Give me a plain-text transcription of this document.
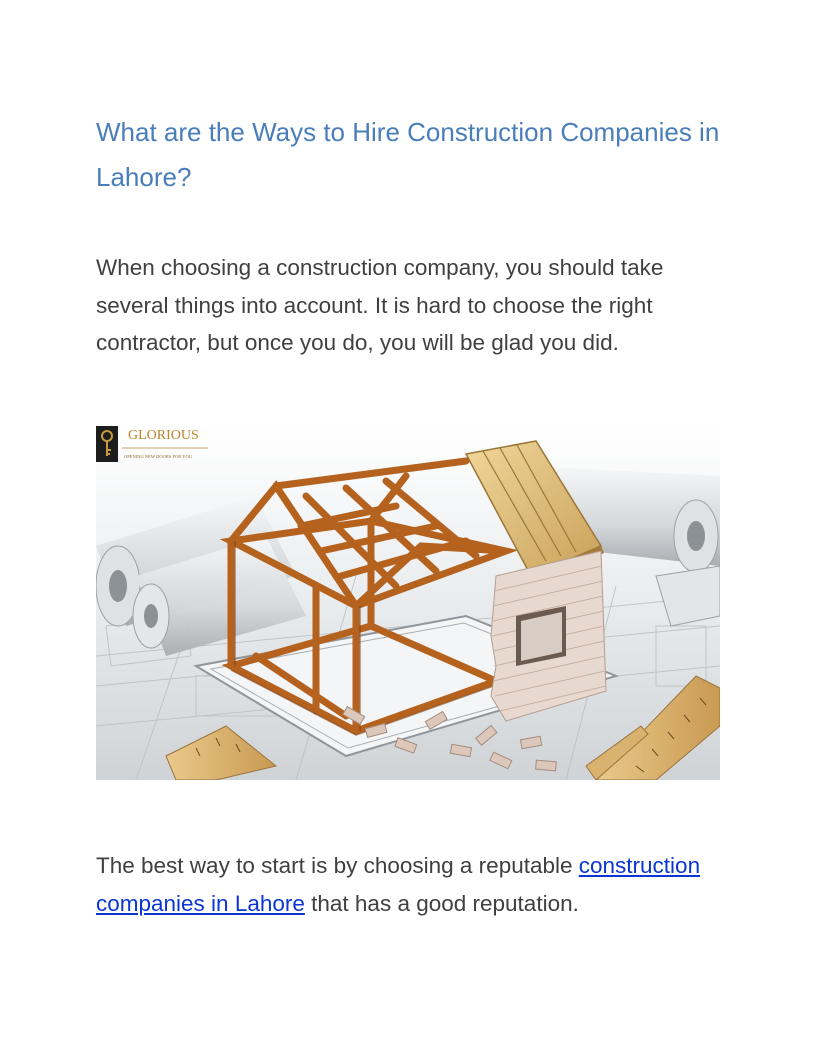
What are the Ways to Hire Construction Companies in Lahore?

When choosing a construction company, you should take several things into account. It is hard to choose the right contractor, but once you do, you will be glad you did.

GLORIOUS
OPENING NEW DOORS FOR YOU

The best way to start is by choosing a reputable construction companies in Lahore that has a good reputation.
